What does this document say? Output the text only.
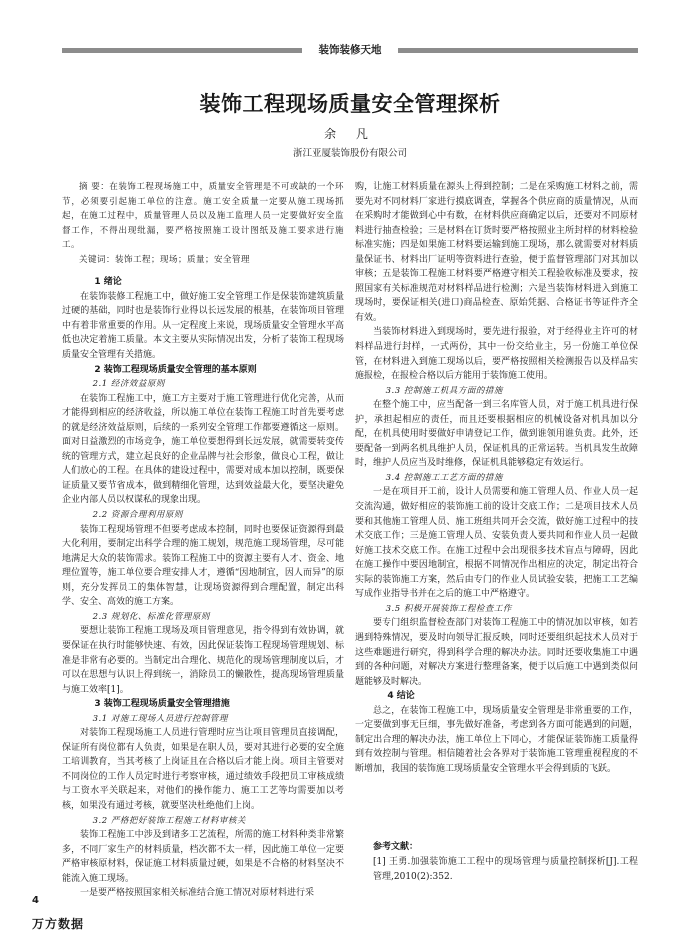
装饰装修天地
装饰工程现场质量安全管理探析
余 凡
浙江亚厦装饰股份有限公司

摘 要：在装饰工程现场施工中，质量安全管理是不可或缺的一个环节，必须要引起施工单位的注意。施工安全质量一定要从施工现场抓起，在施工过程中，质量管理人员以及施工监理人员一定要做好安全监督工作，不得出现纰漏，要严格按照施工设计图纸及施工要求进行施工。

关键词：装饰工程；现场；质量；安全管理

1 绪论

在装饰装修工程施工中，做好施工安全管理工作是保装饰建筑质量过硬的基础，同时也是装饰行业得以长远发展的根基，在装饰项目管理中有着非常重要的作用。从一定程度上来说，现场质量安全管理水平高低也决定着施工质量。本文主要从实际情况出发，分析了装饰工程现场质量安全管理有关措施。

2 装饰工程现场质量安全管理的基本原则

2.1 经济效益原则

在装饰工程施工中，施工方主要对于施工管理进行优化完善，从而才能得到相应的经济收益，所以施工单位在装饰工程施工时首先要考虑的就是经济效益原则，后续的一系列安全管理工作都要遵循这一原则。面对日益激烈的市场竞争，施工单位要想得到长远发展，就需要转变传统的管理方式，建立起良好的企业品牌与社会形象，做良心工程，做让人们放心的工程。在具体的建设过程中，需要对成本加以控制，既要保证质量又要节省成本，做到精细化管理，达到效益最大化，要坚决避免企业内部人员以权谋私的现象出现。

2.2 资源合理利用原则

装饰工程现场管理不但要考虑成本控制，同时也要保证资源得到最大化利用，要制定出科学合理的施工规划，规范施工现场管理，尽可能地满足大众的装饰需求。装饰工程施工中的资源主要有人才、资金、地理位置等，施工单位要合理安排人才，遵循“因地制宜，因人而异”的原则，充分发挥员工的集体智慧，让现场资源得到合理配置，制定出科学、安全、高效的施工方案。

2.3 规划化、标准化管理原则

要想让装饰工程施工现场及项目管理意见，指令得到有效协调，就要保证在执行时能够快速、有效，因此保证装饰工程现场管理规划、标准是非常有必要的。当制定出合理化、规范化的现场管理制度以后，才可以在思想与认识上得到统一，消除员工的懒散性，提高现场管理质量与施工效率[1]。

3 装饰工程现场质量安全管理措施

3.1 对施工现场人员进行控制管理

对装饰工程现场施工人员进行管理时应当让项目管理员直接调配，保证所有岗位都有人负责，如果是在职人员，要对其进行必要的安全施工培训教育，当其考核了上岗证且在合格以后才能上岗。项目主管要对不同岗位的工作人员定时进行考察审核，通过绩效手段把员工审核成绩与工资水平关联起来，对他们的操作能力、施工工艺等均需要加以考核，如果没有通过考核，就要坚决杜绝他们上岗。

3.2 严格把好装饰工程施工材料审核关

装饰工程施工中涉及到诸多工艺流程，所需的施工材料种类非常繁多，不同厂家生产的材料质量，档次都不太一样，因此施工单位一定要严格审核原材料，保证施工材料质量过硬，如果是不合格的材料坚决不能流入施工现场。

一是要严格按照国家相关标准结合施工情况对原材料进行采

购，让施工材料质量在源头上得到控制；二是在采购施工材料之前，需要先对不同材料厂家进行摸底调查，掌握各个供应商的质量情况，从而在采购时才能做到心中有数，在材料供应商确定以后，还要对不同原材料进行抽查检验；三是材料在订货时要严格按照业主所封样的材料检验标准实施；四是如果施工材料要运输到施工现场，那么就需要对材料质量保证书、材料出厂证明等资料进行查验，便于监督管理部门对其加以审核；五是装饰工程施工材料要严格遵守相关工程验收标准及要求，按照国家有关标准规范对材料样品进行检测；六是当装饰材料进入到施工现场时，要保证相关(进口)商品检查、原始凭据、合格证书等证件齐全有效。

当装饰材料进入到现场时，要先进行报验，对于经得业主许可的材料样品进行封样，一式两份，其中一份交给业主，另一份施工单位保管，在材料进入到施工现场以后，要严格按照相关检测报告以及样品实施报检，在报检合格以后方能用于装饰施工使用。

3.3 控制施工机具方面的措施

在整个施工中，应当配备一到三名库管人员，对于施工机具进行保护，承担起相应的责任，而且还要根据相应的机械设备对机具加以分配，在机具使用时要做好申请登记工作，做到谁领用谁负责。此外，还要配备一到两名机具维护人员，保证机具的正常运转。当机具发生故障时，维护人员应当及时维修，保证机具能够稳定有效运行。

3.4 控制施工工艺方面的措施

一是在项目开工前，设计人员需要和施工管理人员、作业人员一起交流沟通，做好相应的装饰施工前的设计交底工作；二是项目技术人员要和其他施工管理人员、施工班组共同开会交流，做好施工过程中的技术交底工作；三是施工管理人员、安装负责人要共同和作业人员一起做好施工技术交底工作。在施工过程中会出现很多技术盲点与障碍，因此在施工操作中要因地制宜，根据不同情况作出相应的决定，制定出符合实际的装饰施工方案，然后由专门的作业人员试验安装，把施工工艺编写成作业指导书并在之后的施工中严格遵守。

3.5 积极开展装饰工程检查工作

要专门组织监督检查部门对装饰工程施工中的情况加以审核，如若遇到特殊情况，要及时向领导汇报反映，同时还要组织起技术人员对于这些难题进行研究，得到科学合理的解决办法。同时还要收集施工中遇到的各种问题，对解决方案进行整理备案，便于以后施工中遇到类似问题能够及时解决。

4 结论

总之，在装饰工程施工中，现场质量安全管理是非常重要的工作，一定要做到事无巨细，事先做好准备，考虑到各方面可能遇到的问题，制定出合理的解决办法，施工单位上下同心，才能保证装饰施工质量得到有效控制与管理。相信随着社会各界对于装饰施工管理重视程度的不断增加，我国的装饰施工现场质量安全管理水平会得到质的飞跃。

参考文献：

[1] 王勇.加强装饰施工工程中的现场管理与质量控制探析[J].工程管理,2010(2):352.

4
万方数据
